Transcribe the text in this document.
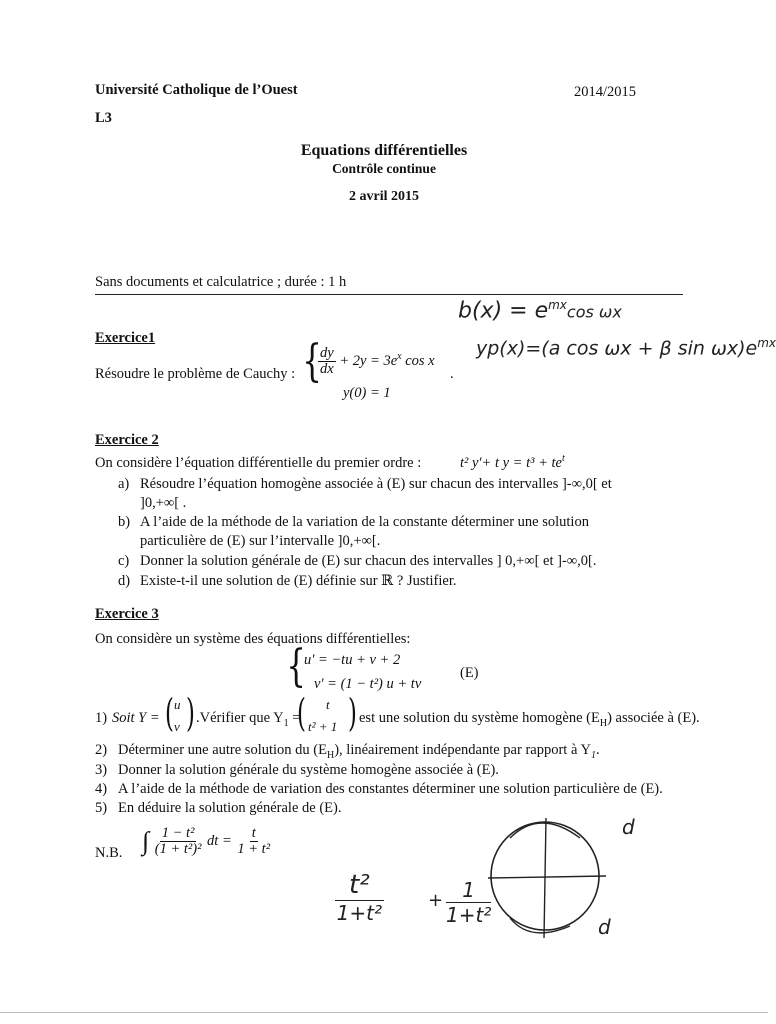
Université Catholique de l’Ouest	2014/2015
L3
Equations différentielles
Contrôle continue
2 avril 2015
Sans documents et calculatrice ; durée : 1 h
$b(x) = e^{mx}\cos$ ωx
Exercice1
Résoudre le problème de Cauchy : {
$\frac{dy}{dx} + 2y = 3e^x$ cos x
y(0) = 1
.
yp(x)=(a cos ωx + β $\sin \omega x)e^{mx}$
Exercice 2
On considère l’équation différentielle du premier ordre :	t² y'+ t $y = t^3 + te^t$
a) Résoudre l’équation homogène associée à (E) sur chacun des intervalles ]-∞,0[ et
]0,+∞[ .
b) A l’aide de la méthode de la variation de la constante déterminer une solution
particulière de (E) sur l’intervalle ]0,+∞[.
c) Donner la solution générale de (E) sur chacun des intervalles ] 0,+∞[ et ]-∞,0[.
d) Existe-t-il une solution de (E) définie sur ℝ ? Justifier.
Exercice 3
On considère un système des équations différentielles:
{
u' = −tu + v + 2
v' = (1 − t²) u + tv
(E)
1) Soit Y = ( u
v ) .Vérifier que $Y_1$ =
( t
t² + 1 ) est une solution du système homogène $(E_H)$ associée à (E).
2) Déterminer une autre solution du $(E_H)$, linéairement indépendante par rapport à $Y_1$.
3) Donner la solution générale du système homogène associée à (E).
4) A l’aide de la méthode de variation des constantes déterminer une solution particulière de (E).
5) En déduire la solution générale de (E).
N.B. ∫ $\frac{\text{1 − t²}}{\text{(1 + t²)²}}$ dt = $\frac{t}{\text{1 + t²}}$
t²
1+t²
+ 1
1+t²
d
d
